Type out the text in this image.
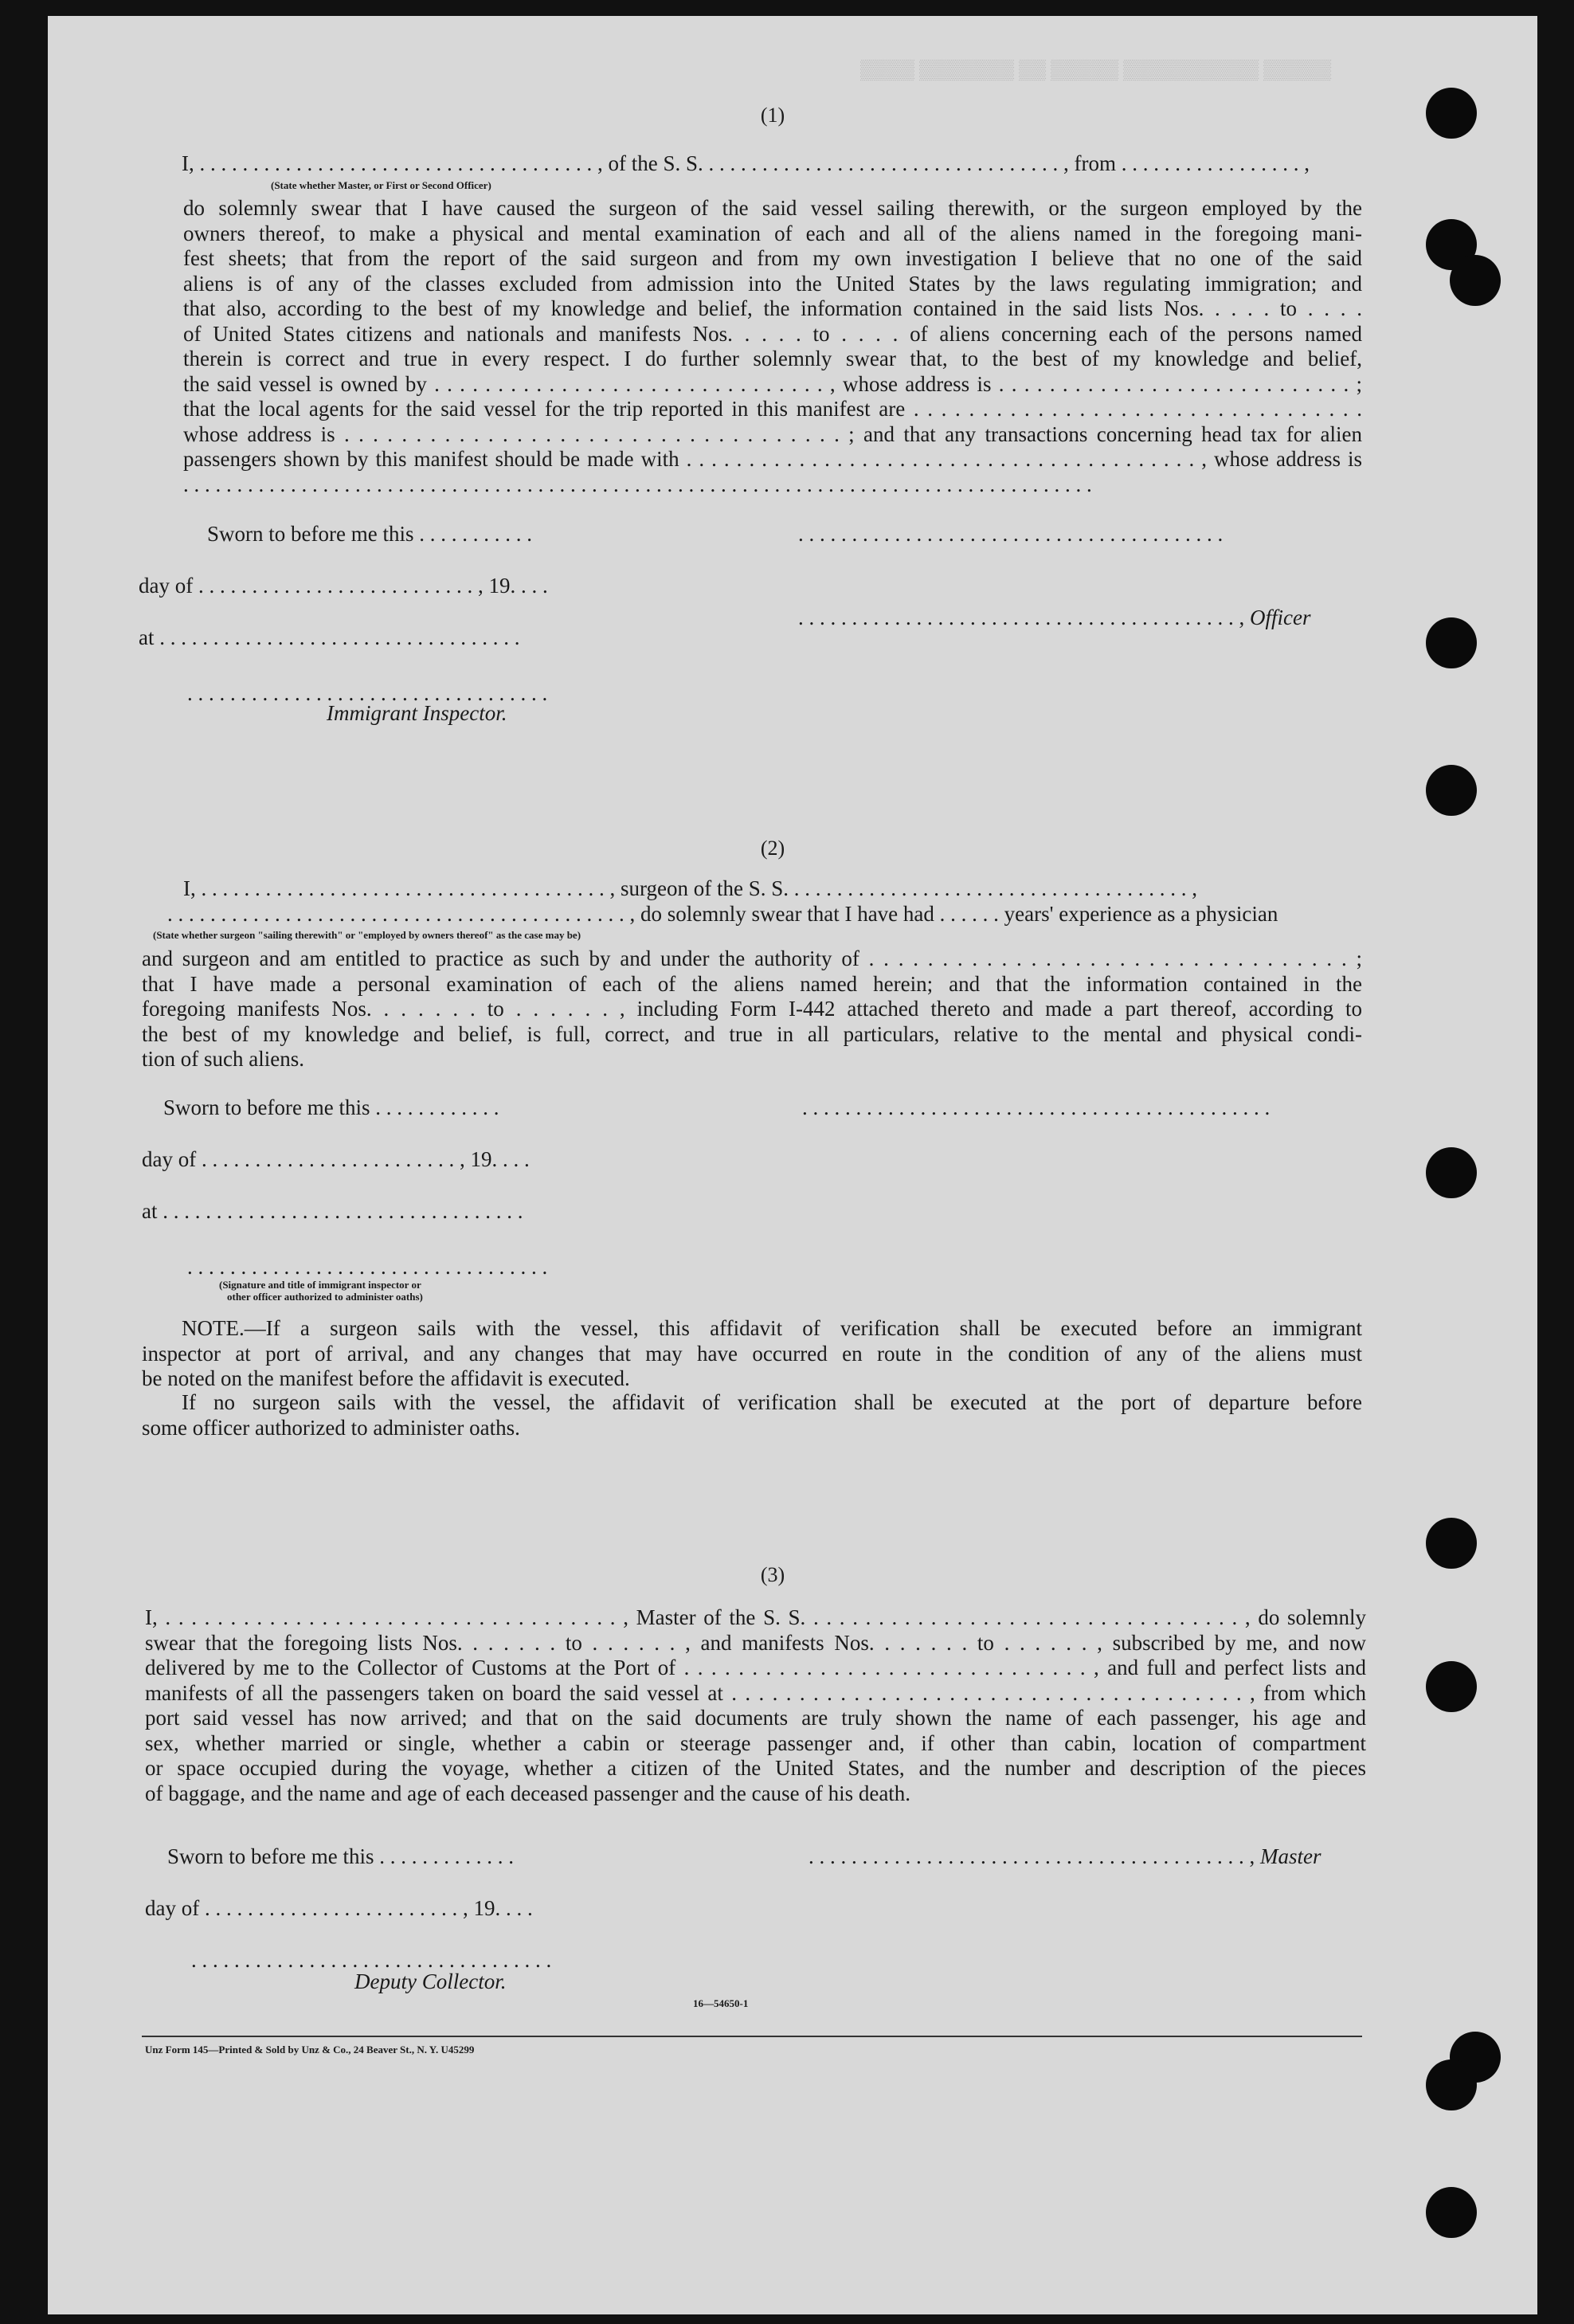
▒▒▒▒ ▒▒▒▒▒▒▒ ▒▒ ▒▒▒▒▒ ▒▒▒▒▒▒▒▒▒▒ ▒▒▒▒▒
(1)
I, . . . . . . . . . . . . . . . . . . . . . . . . . . . . . . . . . . . . . , of the S. S. . . . . . . . . . . . . . . . . . . . . . . . . . . . . . . . . . , from . . . . . . . . . . . . . . . . . ,
(State whether Master, or First or Second Officer)
do solemnly swear that I have caused the surgeon of the said vessel sailing therewith, or the surgeon employed by the
owners thereof, to make a physical and mental examination of each and all of the aliens named in the foregoing mani-
fest sheets; that from the report of the said surgeon and from my own investigation I believe that no one of the said
aliens is of any of the classes excluded from admission into the United States by the laws regulating immigration; and
that also, according to the best of my knowledge and belief, the information contained in the said lists Nos. . . . . to . . . .
of United States citizens and nationals and manifests Nos. . . . . to . . . . of aliens concerning each of the persons named
therein is correct and true in every respect. I do further solemnly swear that, to the best of my knowledge and belief,
the said vessel is owned by . . . . . . . . . . . . . . . . . . . . . . . . . . . . . . . , whose address is . . . . . . . . . . . . . . . . . . . . . . . . . . . . ;
that the local agents for the said vessel for the trip reported in this manifest are . . . . . . . . . . . . . . . . . . . . . . . . . . . . . . . . .
whose address is . . . . . . . . . . . . . . . . . . . . . . . . . . . . . . . . . . . ; and that any transactions concerning head tax for alien
passengers shown by this manifest should be made with . . . . . . . . . . . . . . . . . . . . . . . . . . . . . . . . . . . . . . . . . , whose address is
. . . . . . . . . . . . . . . . . . . . . . . . . . . . . . . . . . . . . . . . . . . . . . . . . . . . . . . . . . . . . . . . . . . . . . . . . . . . . . . . . . . . .
Sworn to before me this . . . . . . . . . . .	. . . . . . . . . . . . . . . . . . . . . . . . . . . . . . . . . . . . . . . .
day of . . . . . . . . . . . . . . . . . . . . . . . . . . , 19. . . .
. . . . . . . . . . . . . . . . . . . . . . . . . . . . . . . . . . . . . . . . . , Officer
at . . . . . . . . . . . . . . . . . . . . . . . . . . . . . . . . . .
. . . . . . . . . . . . . . . . . . . . . . . . . . . . . . . . . .
Immigrant Inspector.
(2)
I, . . . . . . . . . . . . . . . . . . . . . . . . . . . . . . . . . . . . . . , surgeon of the S. S. . . . . . . . . . . . . . . . . . . . . . . . . . . . . . . . . . . . . . ,
. . . . . . . . . . . . . . . . . . . . . . . . . . . . . . . . . . . . . . . . . . . , do solemnly swear that I have had . . . . . . years' experience as a physician
(State whether surgeon "sailing therewith" or "employed by owners thereof" as the case may be)
and surgeon and am entitled to practice as such by and under the authority of . . . . . . . . . . . . . . . . . . . . . . . . . . . . . . . . . ;
that I have made a personal examination of each of the aliens named herein; and that the information contained in the
foregoing manifests Nos. . . . . . . to . . . . . . , including Form I-442 attached thereto and made a part thereof, according to
the best of my knowledge and belief, is full, correct, and true in all particulars, relative to the mental and physical condi-
tion of such aliens.
Sworn to before me this . . . . . . . . . . . .	. . . . . . . . . . . . . . . . . . . . . . . . . . . . . . . . . . . . . . . . . . . .
day of . . . . . . . . . . . . . . . . . . . . . . . . , 19. . . .
at . . . . . . . . . . . . . . . . . . . . . . . . . . . . . . . . . .
. . . . . . . . . . . . . . . . . . . . . . . . . . . . . . . . . .
(Signature and title of immigrant inspector or
other officer authorized to administer oaths)
NOTE.—If a surgeon sails with the vessel, this affidavit of verification shall be executed before an immigrant
inspector at port of arrival, and any changes that may have occurred en route in the condition of any of the aliens must
be noted on the manifest before the affidavit is executed.
If no surgeon sails with the vessel, the affidavit of verification shall be executed at the port of departure before
some officer authorized to administer oaths.
(3)
I, . . . . . . . . . . . . . . . . . . . . . . . . . . . . . . . . . . . , Master of the S. S. . . . . . . . . . . . . . . . . . . . . . . . . . . . . . . . . . , do solemnly
swear that the foregoing lists Nos. . . . . . . to . . . . . . , and manifests Nos. . . . . . . to . . . . . . , subscribed by me, and now
delivered by me to the Collector of Customs at the Port of . . . . . . . . . . . . . . . . . . . . . . . . . . . . . . , and full and perfect lists and
manifests of all the passengers taken on board the said vessel at . . . . . . . . . . . . . . . . . . . . . . . . . . . . . . . . . . . . . . , from which
port said vessel has now arrived; and that on the said documents are truly shown the name of each passenger, his age and
sex, whether married or single, whether a cabin or steerage passenger and, if other than cabin, location of compartment
or space occupied during the voyage, whether a citizen of the United States, and the number and description of the pieces
of baggage, and the name and age of each deceased passenger and the cause of his death.
Sworn to before me this . . . . . . . . . . . . .	. . . . . . . . . . . . . . . . . . . . . . . . . . . . . . . . . . . . . . . . . , Master
day of . . . . . . . . . . . . . . . . . . . . . . . . , 19. . . .
. . . . . . . . . . . . . . . . . . . . . . . . . . . . . . . . . .
Deputy Collector.
16—54650-1
Unz Form 145—Printed & Sold by Unz & Co., 24 Beaver St., N. Y. U45299
